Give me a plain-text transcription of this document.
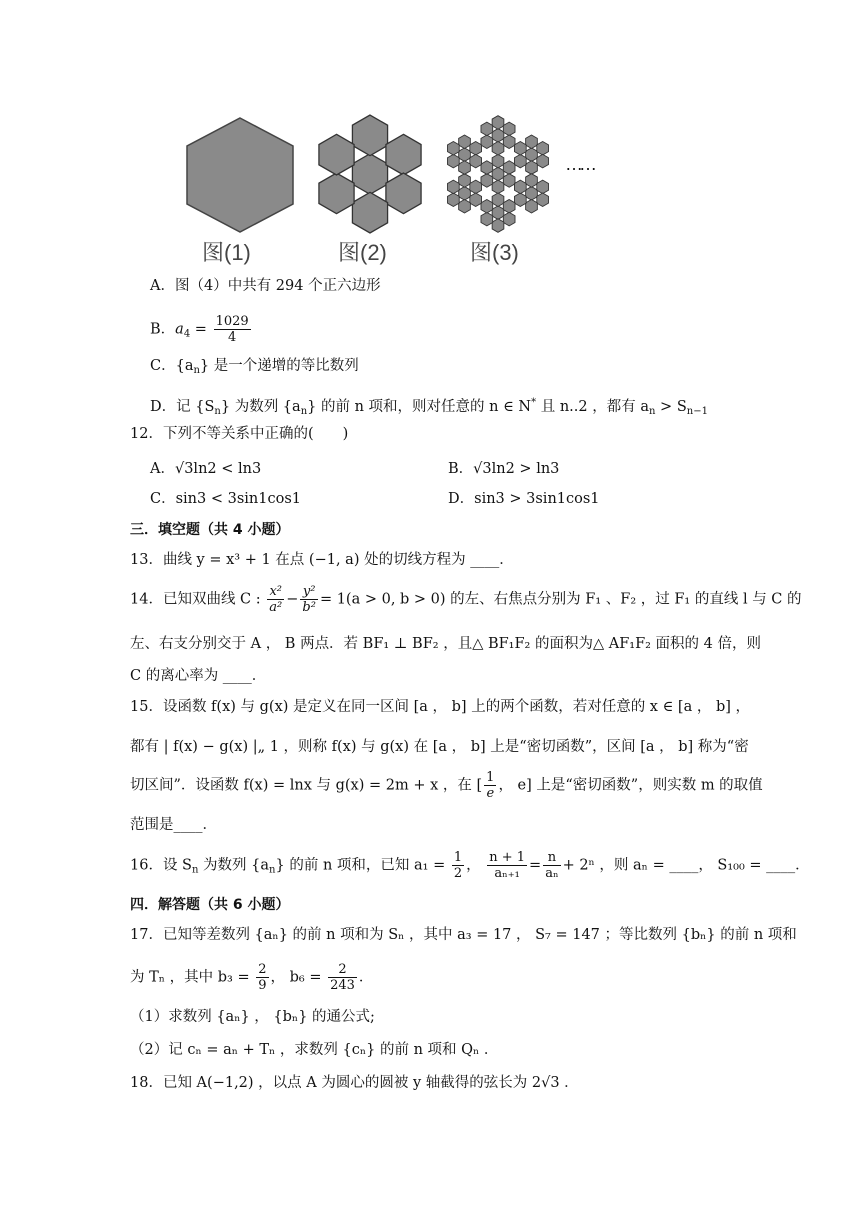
……
图(1)	图(2)	图(3)
A．图（4）中共有 294 个正六边形
B．$a_4 = \frac{1029}{4}$
C．$\{a_n\}$ 是一个递增的等比数列
D．记 $\{S_n\}$ 为数列 $\{a_n\}$ 的前 n 项和，则对任意的 n ∈ N* 且 n..2 ，都有 $a_n > S_{n-1}$
12．下列不等关系中正确的(　　)
A．√3ln2 < ln3	B．√3ln2 > ln3
C．sin3 < 3sin1cos1	D．sin3 > 3sin1cos1
三．填空题（共 4 小题）
13．曲线 y = x³ + 1 在点 (−1, a) 处的切线方程为 ____．
14．已知双曲线 C : $\frac{\text{x²}}{\text{a²}} - \frac{\text{y²}}{\text{b²}} = 1(a > 0$, b > 0) 的左、右焦点分别为 F₁ 、F₂ ，过 F₁ 的直线 l 与 C 的
左、右支分别交于 A ， B 两点．若 BF₁ ⊥ BF₂ ，且△ BF₁F₂ 的面积为△ AF₁F₂ 面积的 4 倍，则
C 的离心率为 ____．
15．设函数 f(x) 与 g(x) 是定义在同一区间 [a ， b] 上的两个函数，若对任意的 x ∈ [a ， b] ，
都有 | f(x) − g(x) |„ 1 ，则称 f(x) 与 g(x) 在 [a ， b] 上是“密切函数”，区间 [a ， b] 称为“密
切区间”．设函数 f(x) = lnx 与 g(x) = 2m + x ，在 [ $\frac{1}{e}$ ， e] 上是“密切函数”，则实数 m 的取值
范围是____．
16．设 $S_n$ 为数列 $\{a_n\}$ 的前 n 项和，已知 $a_1 = \frac{1}{2}$ ， $\frac{n + 1}{\text{aₙ₊₁}} = \frac{n}{\text{aₙ}} + 2^n$ ，则 aₙ = ____， S₁₀₀ = ____．
四．解答题（共 6 小题）
17．已知等差数列 {aₙ} 的前 n 项和为 Sₙ ，其中 a₃ = 17 ， S₇ = 147 ；等比数列 {bₙ} 的前 n 项和
为 Tₙ ，其中 $b_3 = \frac{2}{9}$ ， $b_6 = \frac{2}{243}$ ．
（1）求数列 {aₙ} ， {bₙ} 的通公式;
（2）记 cₙ = aₙ + Tₙ ，求数列 {cₙ} 的前 n 项和 Qₙ ．
18．已知 A(−1,2) ，以点 A 为圆心的圆被 y 轴截得的弦长为 2√3 ．
